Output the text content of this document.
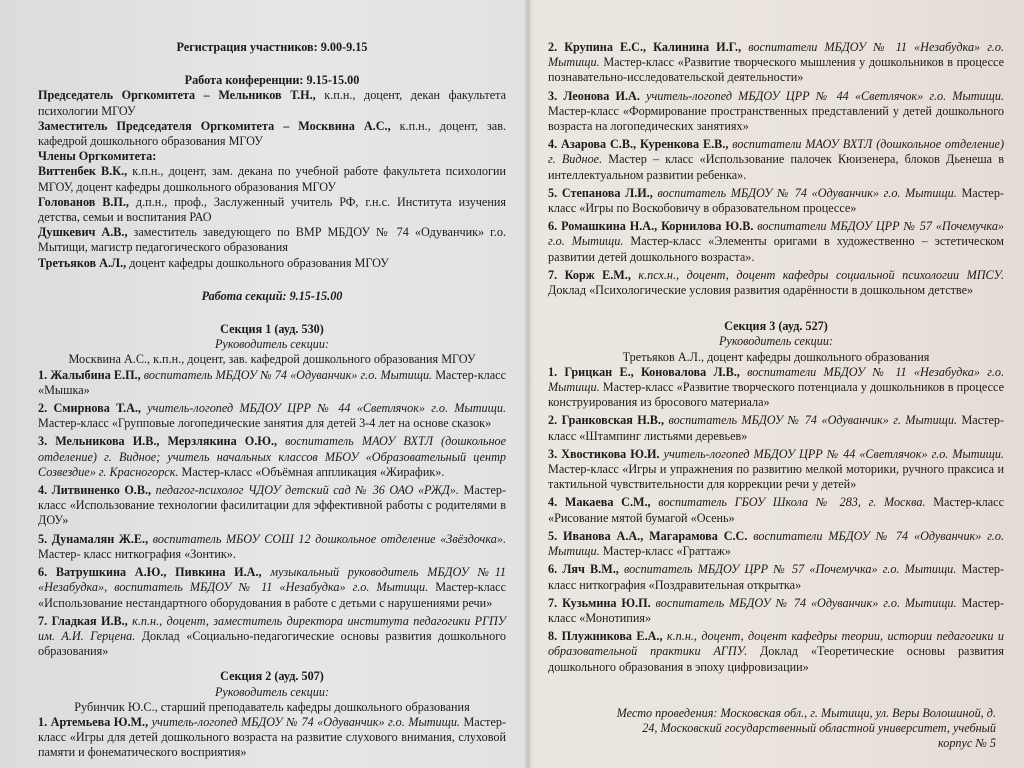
Регистрация участников: 9.00-9.15

Работа конференции: 9.15-15.00

Председатель Оргкомитета – Мельников Т.Н., к.п.н., доцент, декан факультета психологии МГОУ

Заместитель Председателя Оргкомитета – Москвина А.С., к.п.н., доцент, зав. кафедрой дошкольного образования МГОУ

Члены Оргкомитета:

Виттенбек В.К., к.п.н., доцент, зам. декана по учебной работе факультета психологии МГОУ, доцент кафедры дошкольного образования МГОУ

Голованов В.П., д.п.н., проф., Заслуженный учитель РФ, г.н.с. Института изучения детства, семьи и воспитания РАО

Душкевич А.В., заместитель заведующего по ВМР МБДОУ № 74 «Одуванчик» г.о. Мытищи, магистр педагогического образования

Третьяков А.Л., доцент кафедры дошкольного образования МГОУ

Работа секций: 9.15-15.00

Секция 1 (ауд. 530)

Руководитель секции:

Москвина А.С., к.п.н., доцент, зав. кафедрой дошкольного образования МГОУ

1. Жалыбина Е.П., воспитатель МБДОУ № 74 «Одуванчик» г.о. Мытищи. Мастер-класс «Мышка»
2. Смирнова Т.А., учитель-логопед МБДОУ ЦРР № 44 «Светлячок» г.о. Мытищи. Мастер-класс «Групповые логопедические занятия для детей 3-4 лет на основе сказок»
3. Мельникова И.В., Мерзлякина О.Ю., воспитатель МАОУ ВХТЛ (дошкольное отделение) г. Видное; учитель начальных классов МБОУ «Образовательный центр Созвездие» г. Красногорск. Мастер-класс «Объёмная аппликация «Жирафик».
4. Литвиненко О.В., педагог-психолог ЧДОУ детский сад № 36 ОАО «РЖД». Мастер-класс «Использование технологии фасилитации для эффективной работы с родителями в ДОУ»
5. Дунамалян Ж.Е., воспитатель МБОУ СОШ 12 дошкольное отделение «Звёздочка». Мастер- класс ниткография «Зонтик».
6. Ватрушкина А.Ю., Пивкина И.А., музыкальный руководитель МБДОУ №11 «Незабудка», воспитатель МБДОУ № 11 «Незабудка» г.о. Мытищи. Мастер-класс «Использование нестандартного оборудования в работе с детьми с нарушениями речи»
7. Гладкая И.В., к.п.н., доцент, заместитель директора института педагогики РГПУ им. А.И. Герцена. Доклад «Социально-педагогические основы развития дошкольного образования»

Секция 2 (ауд. 507)

Руководитель секции:

Рубинчик Ю.С., старший преподаватель кафедры дошкольного образования

1. Артемьева Ю.М., учитель-логопед МБДОУ № 74 «Одуванчик» г.о. Мытищи. Мастер-класс «Игры для детей дошкольного возраста на развитие слухового внимания, слуховой памяти и фонематического восприятия»
2. Крупина Е.С., Калинина И.Г., воспитатели МБДОУ № 11 «Незабудка» г.о. Мытищи. Мастер-класс «Развитие творческого мышления у дошкольников в процессе познавательно-исследовательской деятельности»
3. Леонова И.А. учитель-логопед МБДОУ ЦРР № 44 «Светлячок» г.о. Мытищи. Мастер-класс «Формирование пространственных представлений у детей дошкольного возраста на логопедических занятиях»
4. Азарова С.В., Куренкова Е.В., воспитатели МАОУ ВХТЛ (дошкольное отделение) г. Видное. Мастер – класс «Использование палочек Кюизенера, блоков Дьенеша в интеллектуальном развитии ребенка».
5. Степанова Л.И., воспитатель МБДОУ № 74 «Одуванчик» г.о. Мытищи. Мастер-класс «Игры по Воскобовичу в образовательном процессе»
6. Ромашкина Н.А., Корнилова Ю.В. воспитатели МБДОУ ЦРР № 57 «Почемучка» г.о. Мытищи. Мастер-класс «Элементы оригами в художественно – эстетическом развитии детей дошкольного возраста».
7. Корж Е.М., к.псх.н., доцент, доцент кафедры социальной психологии МПСУ. Доклад «Психологические условия развития одарённости в дошкольном детстве»

Секция 3 (ауд. 527)

Руководитель секции:

Третьяков А.Л., доцент кафедры дошкольного образования

1. Грицкан Е., Коновалова Л.В., воспитатели МБДОУ № 11 «Незабудка» г.о. Мытищи. Мастер-класс «Развитие творческого потенциала у дошкольников в процессе конструирования из бросового материала»
2. Гранковская Н.В., воспитатель МБДОУ № 74 «Одуванчик» г. Мытищи. Мастер-класс «Штампинг листьями деревьев»
3. Хвостикова Ю.И. учитель-логопед МБДОУ ЦРР № 44 «Светлячок» г.о. Мытищи. Мастер-класс «Игры и упражнения по развитию мелкой моторики, ручного праксиса и тактильной чувствительности для коррекции речи у детей»
4. Макаева С.М., воспитатель ГБОУ Школа № 283, г. Москва. Мастер-класс «Рисование мятой бумагой «Осень»
5. Иванова А.А., Магарамова С.С. воспитатели МБДОУ № 74 «Одуванчик» г.о. Мытищи. Мастер-класс «Граттаж»
6. Ляч В.М., воспитатель МБДОУ ЦРР № 57 «Почемучка» г.о. Мытищи. Мастер-класс ниткография «Поздравительная открытка»
7. Кузьмина Ю.П. воспитатель МБДОУ № 74 «Одуванчик» г.о. Мытищи. Мастер-класс «Монотипия»
8. Плужникова Е.А., к.п.н., доцент, доцент кафедры теории, истории педагогики и образовательной практики АГПУ. Доклад «Теоретические основы развития дошкольного образования в эпоху цифровизации»

Место проведения: Московская обл., г. Мытищи, ул. Веры Волошиной, д. 24, Московский государственный областной университет, учебный корпус № 5
